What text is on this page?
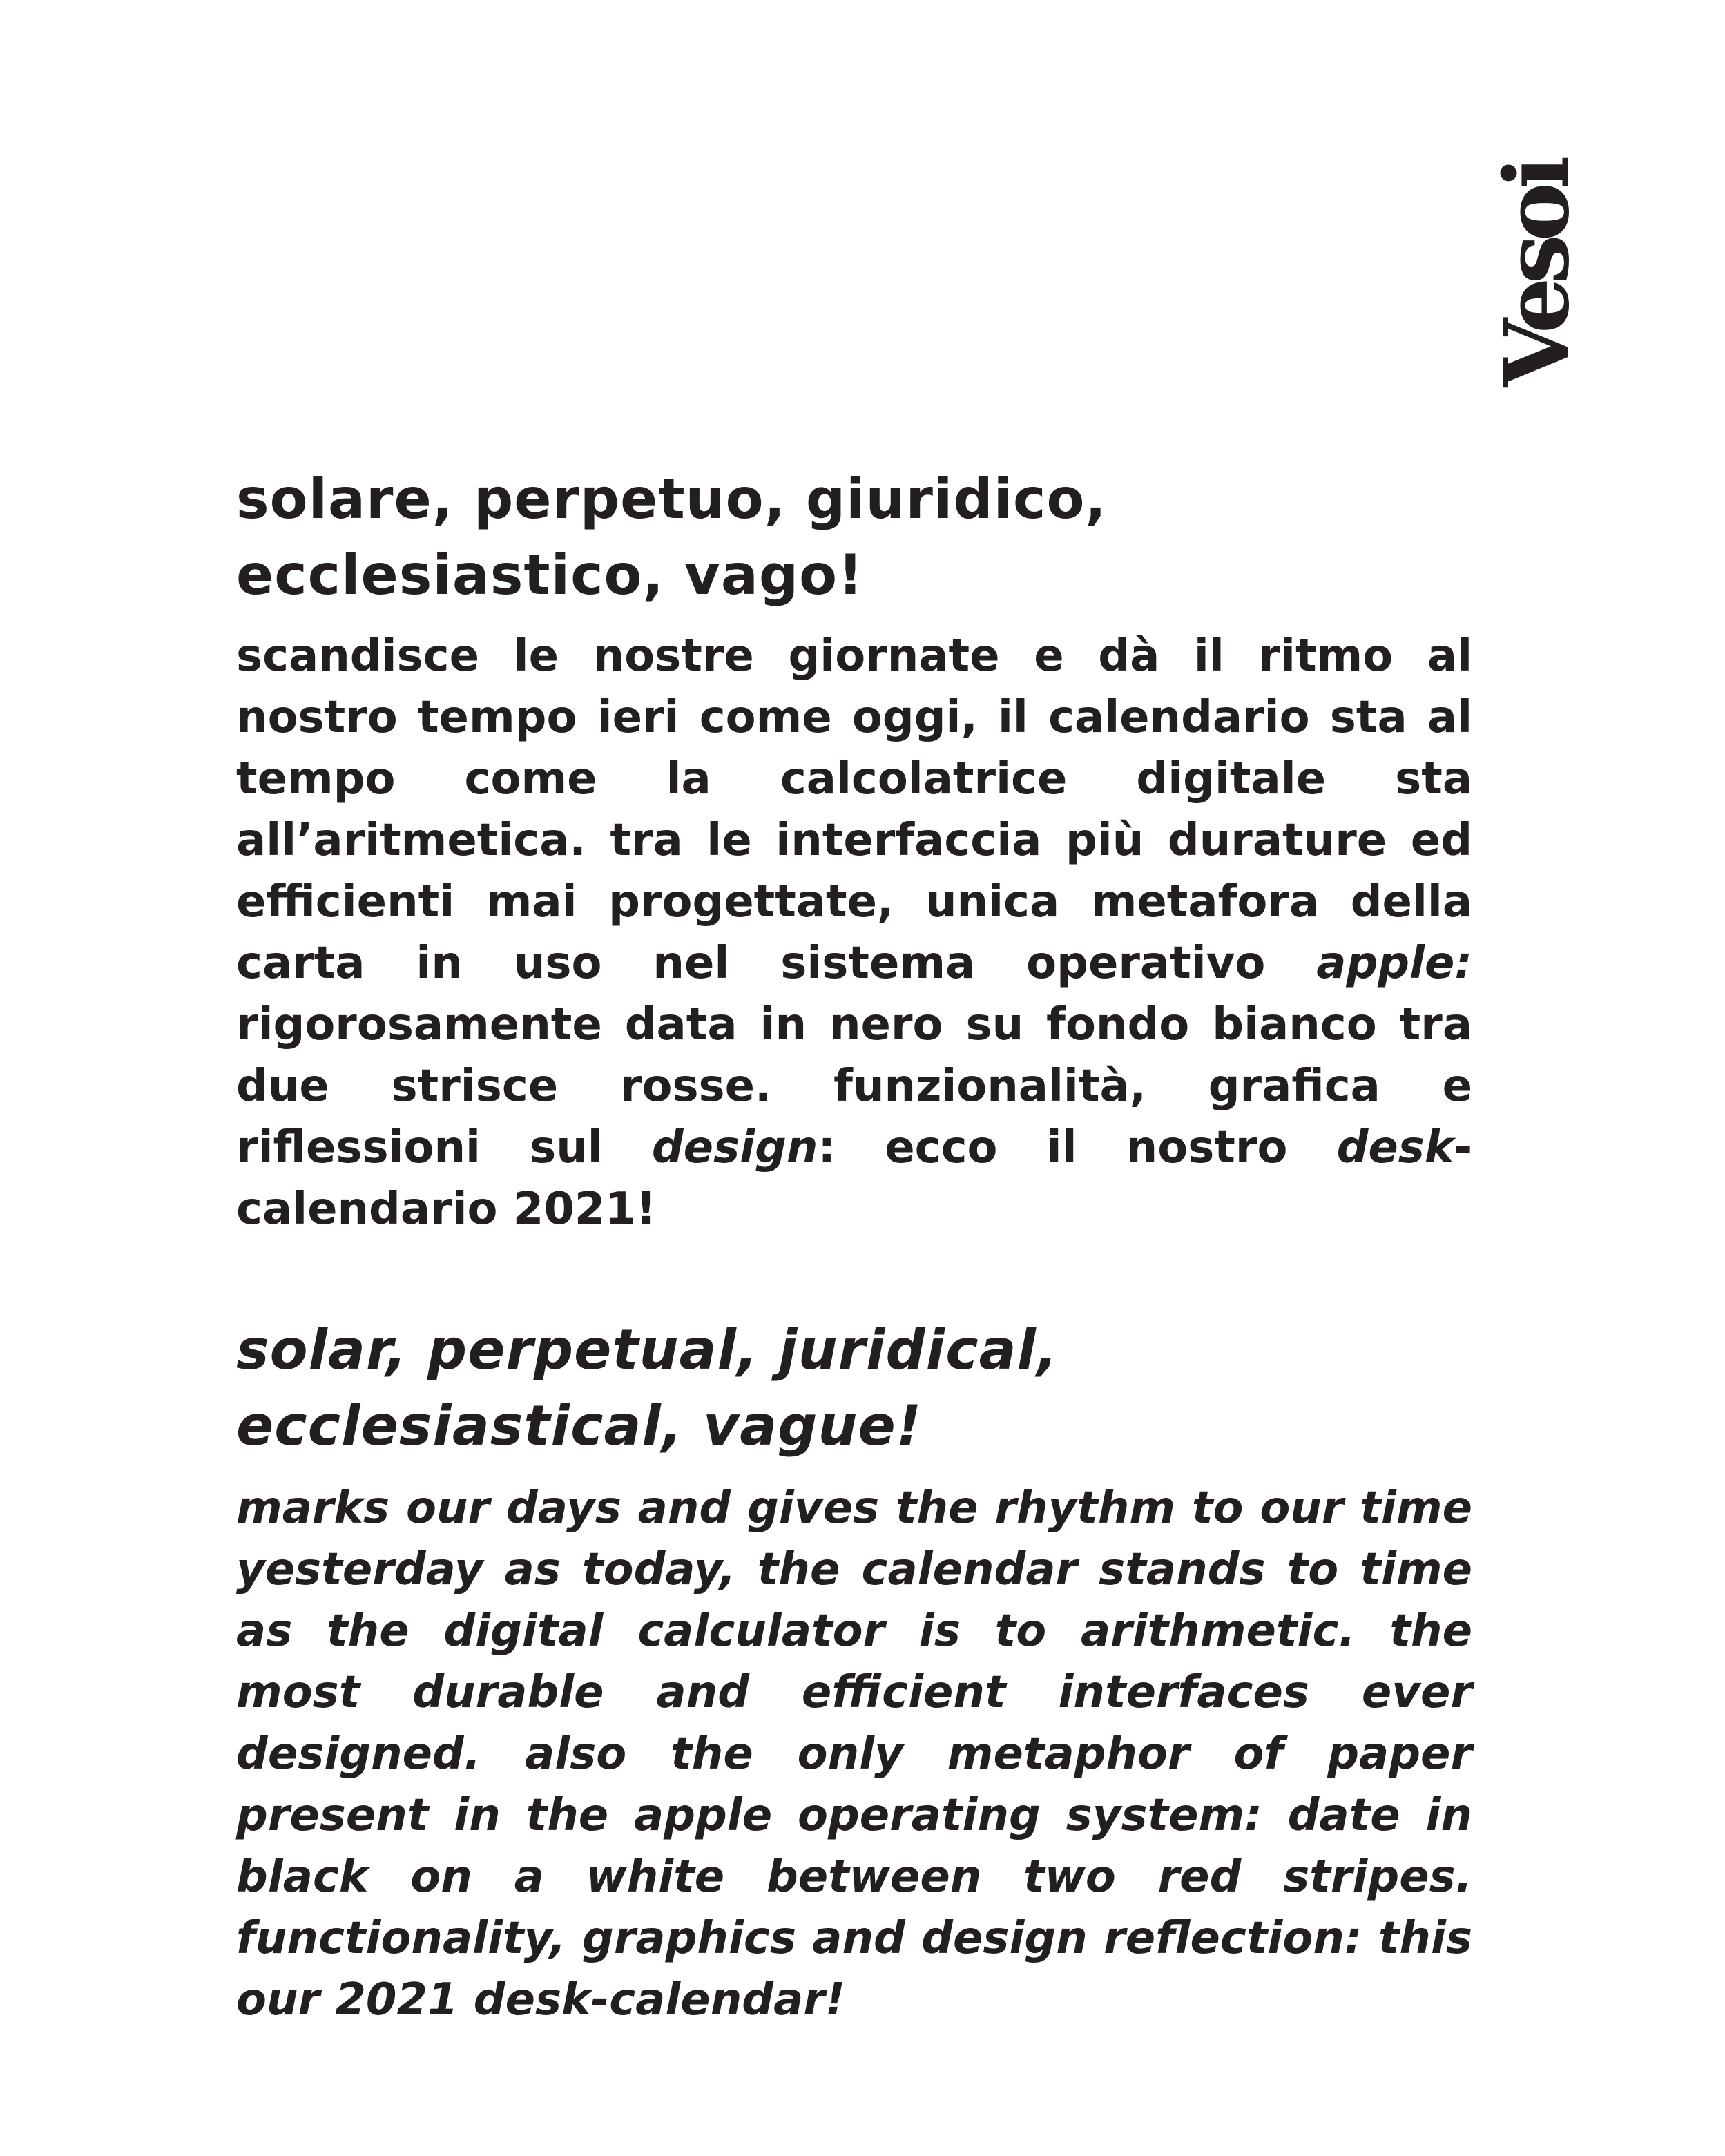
Vesoi
solare, perpetuo, giuridico,
ecclesiastico, vago!

scandisce le nostre giornate e dà il ritmo al nostro tempo ieri come oggi, il calendario sta al tempo come la calcolatrice digitale sta all’aritmetica. tra le interfaccia più durature ed efficienti mai progettate, unica metafora della carta in uso nel sistema operativo apple: rigorosamente data in nero su fondo bianco tra due strisce rosse. funzionalità, grafica e riflessioni sul design: ecco il nostro desk-calendario 2021!

solar, perpetual, juridical,
ecclesiastical, vague!

marks our days and gives the rhythm to our time yesterday as today, the calendar stands to time as the digital calculator is to arithmetic. the most durable and efficient interfaces ever designed. also the only metaphor of paper present in the apple operating system: date in black on a white between two red stripes. functionality, graphics and design reflection: this our 2021 desk-calendar!
